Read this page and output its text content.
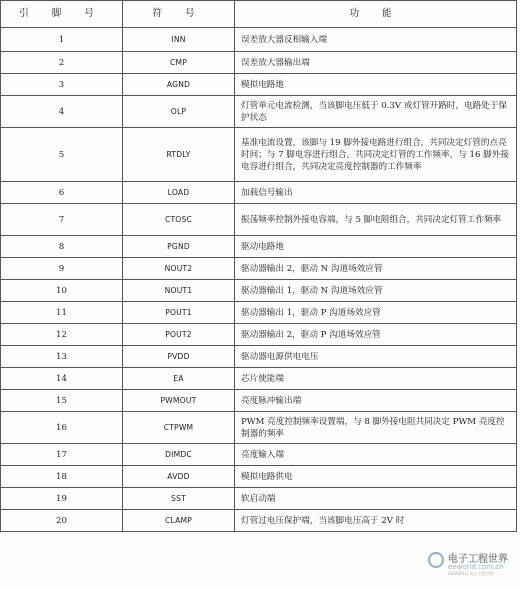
引 脚 号	符 号	功 能
1	INN	误差放大器反相输入端
2	CMP	误差放大器输出端
3	AGND	模拟电路地
4	OLP	灯管单元电流检测，当该脚电压低于 0.3V 或灯管开路时，电路处于保护状态
5	RTDLY	基准电流设置，该脚与 19 脚外接电路进行组合，共同决定灯管的点亮时间；与 7 脚电容进行组合，共同决定灯管的工作频率，与 16 脚外接电容进行组合，共同决定亮度控制器的工作频率
6	LOAD	加载信号输出
7	CTOSC	振荡频率控制外接电容端，与 5 脚电阻组合，共同决定灯管工作频率
8	PGND	驱动电路地
9	NOUT2	驱动器输出 2，驱动 N 沟道场效应管
10	NOUT1	驱动器输出 1，驱动 N 沟道场效应管
11	POUT1	驱动器输出 1，驱动 P 沟道场效应管
12	POUT2	驱动器输出 2，驱动 P 沟道场效应管
13	PVDD	驱动器电源供电电压
14	EA	芯片使能端
15	PWMOUT	亮度脉冲输出端
16	CTPWM	PWM 亮度控制频率设置端，与 8 脚外接电阻共同决定 PWM 亮度控制器的频率
17	DIMDC	亮度输入端
18	AVDD	模拟电路供电
19	SST	软启动端
20	CLAMP	灯管过电压保护端，当该脚电压高于 2V 时
电子工程世界
eeworld.com.cn
EEWORLD 电子工程世界
